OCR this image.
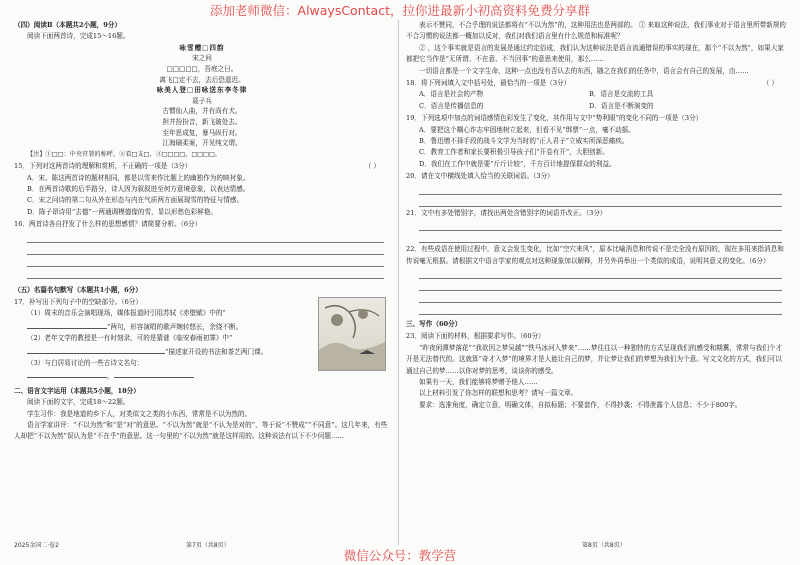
添加老师微信：AlwaysContact，拉你进最新小初高资料免费分享群

（四）阅读Ⅱ（本题共2小题，9分）

阅读下面两首诗，完成15～16题。

咏雪赠□四韵

宋之问

□□□□□，吾庭之日。

离飞□定不去，去后恐遥迟。

咏美人登□田咏送东李冬律

聂子兵

古惯仙人曲，并有尚有犬。

担井扮扮音，新飞破处去。

至年思成复，暴马纵行对。

江海刷柔案，开见纯文谓。

【注】①□□：中央官署的称呼，②看□支□，③□□□□，□□□□。

15．下列对这两首诗的理解和赏析，不正确的一项是（3分）	（ ）

A．宋、陈这两首诗的题材相同，都是以雪来作比题上的幽独作为的映衬象。

B．在两首诗歌的后半路分，诗人因为叙叙进至何方意境意象，以表达情感。

C．宋之问诗的第二句从外在形态与内在气质两方面展现雪的特征与情感。

D．陈子昂诗用“去德”一两通调模德像的雪，显以形愁色彩鲜艳。

16．两首诗各自抒发了什么样的思想感情？请简要分析。（6分）

（五）名篇名句默写（本题共1小题，6分）

17．补写出下列句子中的空缺部分。（6分）

（1）周末的音乐会演唱现场，媒体报道时引用苏轼《赤壁赋》中的“

”两句，形容演唱的歌声婉转悠长，余绕不断。

（2）老年文学的教授是一有时刻录，可的是猜谜《临安春雨初霁》中“

”描述家开设的书法和茶艺两门课。

（3）与白居易讨论的一些古诗文名句：

，

二、语言文字运用（本题共5小题，18分）

阅读下面的文字，完成18～22题。

学生习作：我是地道的乡下人，对类似文之类的小东西，常常是不以为然的。

语言学家讲评：“不以为然”和“是”对“的意思。“不以为然”就是“不认为是对的”，等于说“不赞成”“不同意”。这几年来，有些人却把“不以为然”误认为是“不在乎”的意思。这一句里的“不以为然”就是这样用的。这种说法有以下不少问题……

表示不赞同，不合乎理的说法都将有“不以为然”的，这种用法也是两部的。 ① 来取这种说法，我们事业对于语言里所带新规的不合习惯的说法都一概加以反对，我们对我们语言里有什么规范和标准呢？

② ，这个事实就是语言的发展是通过约定俗成，我们认为这种说法是语言流通错误的事实的现在，那个“不以为然”，如果大家都把它当作是“无所谓、不在意、不当回事”的意思来使用，那么……

一切语言都是一个文字生命，这种一点也没有否认去的东西，随之在我们的任务中，语言会有自己的发展，由……

18．将下列词填入文中括号处，最恰当的一项是（3分）	（ ）

A．语言是社会的产物	B．语言是交流的工具

C．语言是传播信息的	D．语言是不断演变的

19．下列选项中加点的词语感情色彩发生了变化，其作用与文中“势利眼”的变化不同的一项是（3分）

A．要把这个糊心诈志牢固地树立起来，但看不见“绑票”一点，毫不动摇。

B．鲁迅憎不择手段的战斗文学为当时的“正人君子”立威实所深恶痛疾。

C．教育工作者和家长要积极引导孩子们“开卷有开”，大胆创新。

D．我们在工作中就是要“斤斤计较”，千方百计地提保群众的利益。

20．请在文中横线处填入恰当的关联词语。（3分）

21．文中有多处错别字，请找出两处含错别字的词语并改正。（3分）

22．有些成语在使用过程中，意义会发生变化，比如“空穴来风”，原本比喻消息和传说不是完全没有原因的，现在多用来指消息和传说毫无根据。请根据文中语言学家的观点对这种现象加以解释，并另外再举出一个类似的成语，说明其意义的变化。（6分）

三、写作（60分）

23．阅读下面的材料，根据要求写作。（60分）

“昨夜闲潭梦落花”“我欲因之梦吴越”“铁马冰河入梦来”……梦往往以一种独特的方式呈现我们的感受和期冀，常常与我们个才开是无法替代的。这就算“奇才入梦”的境界才是人能让自己的梦，并让梦让我们的梦想为我们为个意。写文文化的方式，我们可以通过自己的梦……以你对梦的思考，谈谈你的感受。

如果有一天，我们能够将梦赠予他人……

以上材料引发了你怎样的联想和思考？请写一篇文章。

要求：选准角度，确定立意，明确文体，自拟标题；不要套作，不得抄袭；不得泄露个人信息；不少于800字。

2025金国二·卷2	第7页（共8页）	第8页（共8页）
微信公众号：教学营
